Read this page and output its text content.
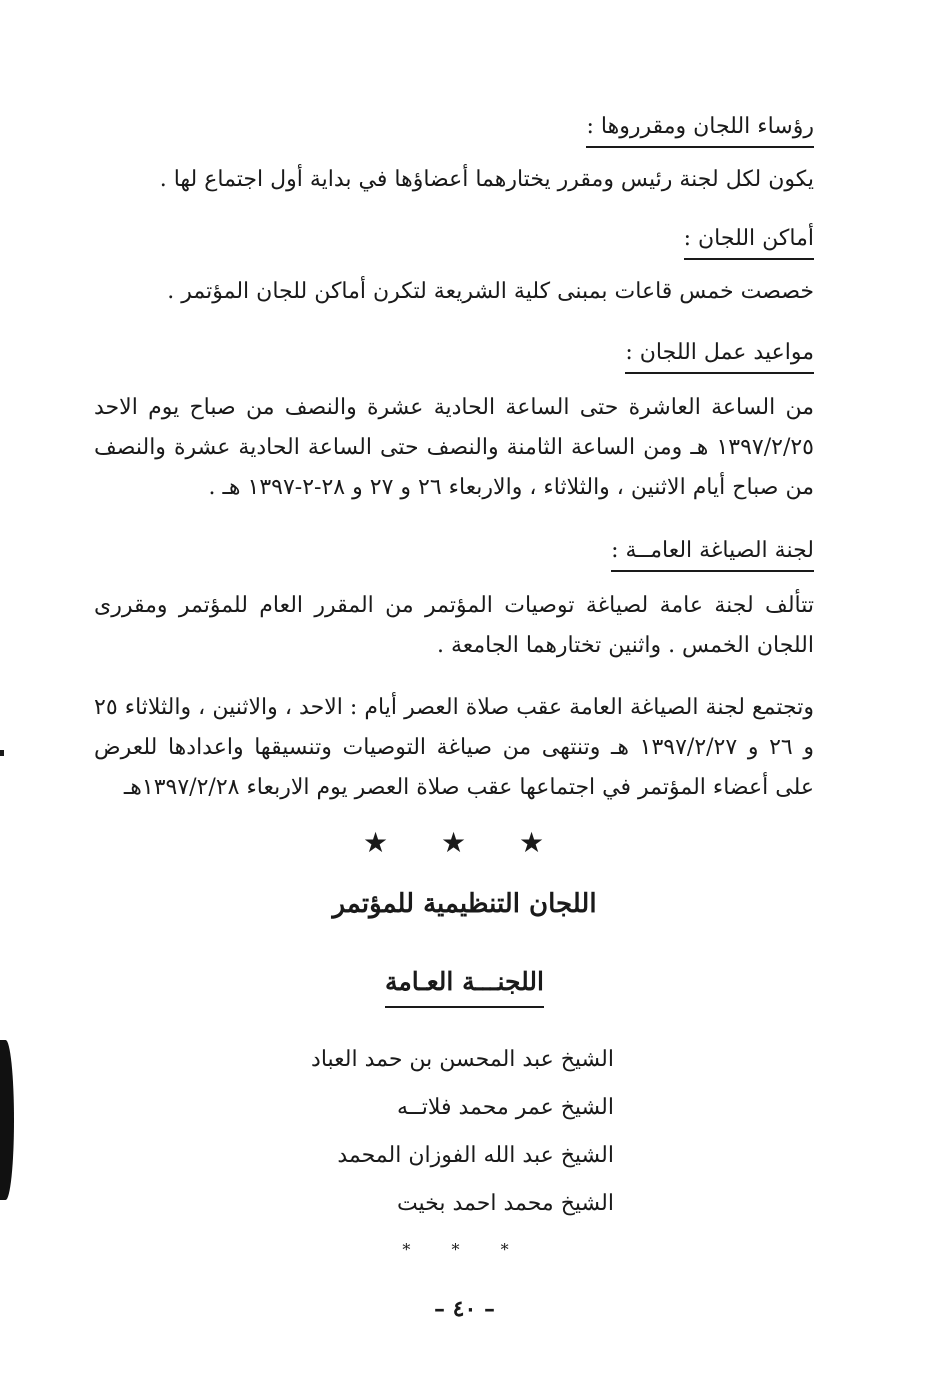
رؤساء اللجان ومقرروها :
يكون لكل لجنة رئيس ومقرر يختارهما أعضاؤها في بداية أول اجتماع لها .
أماكن اللجان :
خصصت خمس قاعات بمبنى كلية الشريعة لتكرن أماكن للجان المؤتمر .
مواعيد عمل اللجان :
من الساعة العاشرة حتى الساعة الحادية عشرة والنصف من صباح يوم الاحد ١٣٩٧/٢/٢٥ هـ ومن الساعة الثامنة والنصف حتى الساعة الحادية عشرة والنصف من صباح أيام الاثنين ، والثلاثاء ، والاربعاء ٢٦ و ٢٧ و ٢٨-٢-١٣٩٧ هـ .
لجنة الصياغة العامــة :
تتألف لجنة عامة لصياغة توصيات المؤتمر من المقرر العام للمؤتمر ومقررى اللجان الخمس . واثنين تختارهما الجامعة .
وتجتمع لجنة الصياغة العامة عقب صلاة العصر أيام : الاحد ، والاثنين ، والثلاثاء ٢٥ و ٢٦ و ١٣٩٧/٢/٢٧ هـ وتنتهى من صياغة التوصيات وتنسيقها واعدادها للعرض على أعضاء المؤتمر في اجتماعها عقب صلاة العصر يوم الاربعاء ١٣٩٧/٢/٢٨هـ
★ ★ ★
اللجان التنظيمية للمؤتمر
اللجنـــة العـامة
الشيخ عبد المحسن بن حمد العباد
الشيخ عمر محمد فلاتــه
الشيخ عبد الله الفوزان المحمد
الشيخ محمد احمد بخيت
* * *
– ٤٠ –
